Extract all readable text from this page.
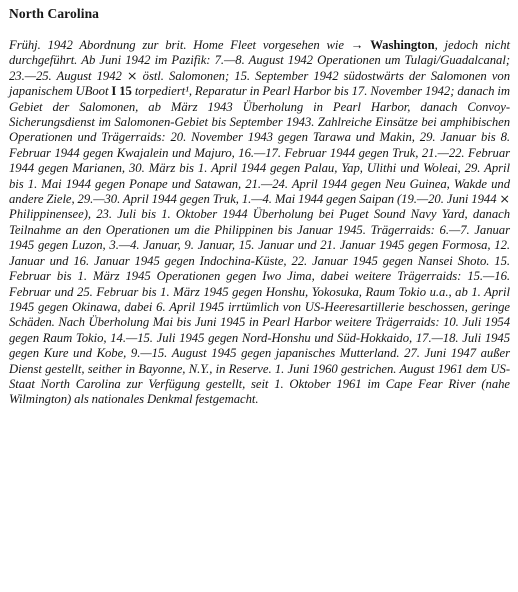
North Carolina

Frühj. 1942 Abordnung zur brit. Home Fleet vorgesehen wie → Washington, jedoch nicht durchgeführt. Ab Juni 1942 im Pazifik: 7.—8. August 1942 Operationen um Tulagi/Guadalcanal; 23.—25. August 1942 ⨯ östl. Salomonen; 15. September 1942 südostwärts der Salomonen von japanischem UBoot I 15 torpediert¹, Reparatur in Pearl Harbor bis 17. November 1942; danach im Gebiet der Salomonen, ab März 1943 Überholung in Pearl Harbor, danach Convoy-Sicherungsdienst im Salomonen-Gebiet bis September 1943. Zahlreiche Einsätze bei amphibischen Operationen und Trägerraids: 20. November 1943 gegen Tarawa und Makin, 29. Januar bis 8. Februar 1944 gegen Kwajalein und Majuro, 16.—17. Februar 1944 gegen Truk, 21.—22. Februar 1944 gegen Marianen, 30. März bis 1. April 1944 gegen Palau, Yap, Ulithi und Woleai, 29. April bis 1. Mai 1944 gegen Ponape und Satawan, 21.—24. April 1944 gegen Neu Guinea, Wakde und andere Ziele, 29.—30. April 1944 gegen Truk, 1.—4. Mai 1944 gegen Saipan (19.—20. Juni 1944 ⨯ Philippinensee), 23. Juli bis 1. Oktober 1944 Überholung bei Puget Sound Navy Yard, danach Teilnahme an den Operationen um die Philippinen bis Januar 1945. Trägerraids: 6.—7. Januar 1945 gegen Luzon, 3.—4. Januar, 9. Januar, 15. Januar und 21. Januar 1945 gegen Formosa, 12. Januar und 16. Januar 1945 gegen Indochina-Küste, 22. Januar 1945 gegen Nansei Shoto. 15. Februar bis 1. März 1945 Operationen gegen Iwo Jima, dabei weitere Trägerraids: 15.—16. Februar und 25. Februar bis 1. März 1945 gegen Honshu, Yokosuka, Raum Tokio u.a., ab 1. April 1945 gegen Okinawa, dabei 6. April 1945 irrtümlich von US-Heeresartillerie beschossen, geringe Schäden. Nach Überholung Mai bis Juni 1945 in Pearl Harbor weitere Trägerraids: 10. Juli 1954 gegen Raum Tokio, 14.—15. Juli 1945 gegen Nord-Honshu und Süd-Hokkaido, 17.—18. Juli 1945 gegen Kure und Kobe, 9.—15. August 1945 gegen japanisches Mutterland. 27. Juni 1947 außer Dienst gestellt, seither in Bayonne, N.Y., in Reserve. 1. Juni 1960 gestrichen. August 1961 dem US-Staat North Carolina zur Verfügung gestellt, seit 1. Oktober 1961 im Cape Fear River (nahe Wilmington) als nationales Denkmal festgemacht.
